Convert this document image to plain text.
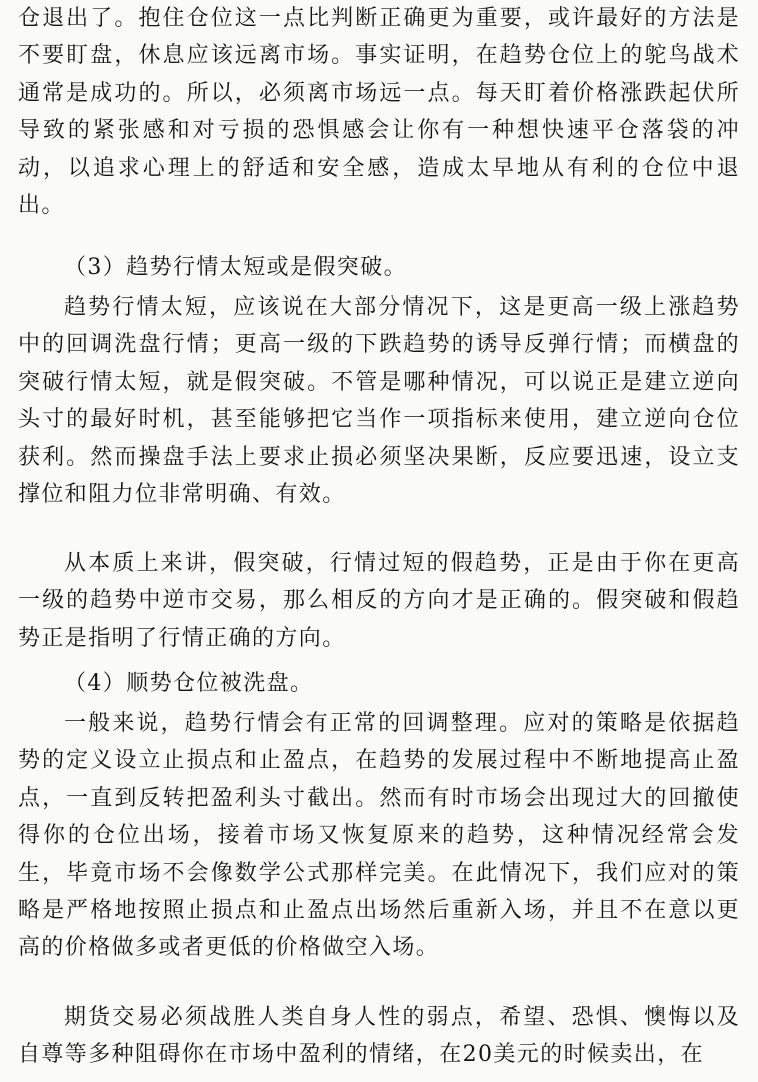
仓退出了。抱住仓位这一点比判断正确更为重要，或许最好的方法是不要盯盘，休息应该远离市场。事实证明，在趋势仓位上的鸵鸟战术通常是成功的。所以，必须离市场远一点。每天盯着价格涨跌起伏所导致的紧张感和对亏损的恐惧感会让你有一种想快速平仓落袋的冲动，以追求心理上的舒适和安全感，造成太早地从有利的仓位中退出。

（3）趋势行情太短或是假突破。

趋势行情太短，应该说在大部分情况下，这是更高一级上涨趋势中的回调洗盘行情；更高一级的下跌趋势的诱导反弹行情；而横盘的突破行情太短，就是假突破。不管是哪种情况，可以说正是建立逆向头寸的最好时机，甚至能够把它当作一项指标来使用，建立逆向仓位获利。然而操盘手法上要求止损必须坚决果断，反应要迅速，设立支撑位和阻力位非常明确、有效。

从本质上来讲，假突破，行情过短的假趋势，正是由于你在更高一级的趋势中逆市交易，那么相反的方向才是正确的。假突破和假趋势正是指明了行情正确的方向。

（4）顺势仓位被洗盘。

一般来说，趋势行情会有正常的回调整理。应对的策略是依据趋势的定义设立止损点和止盈点，在趋势的发展过程中不断地提高止盈点，一直到反转把盈利头寸截出。然而有时市场会出现过大的回撤使得你的仓位出场，接着市场又恢复原来的趋势，这种情况经常会发生，毕竟市场不会像数学公式那样完美。在此情况下，我们应对的策略是严格地按照止损点和止盈点出场然后重新入场，并且不在意以更高的价格做多或者更低的价格做空入场。

期货交易必须战胜人类自身人性的弱点，希望、恐惧、懊悔以及自尊等多种阻碍你在市场中盈利的情绪，在20美元的时候卖出，在
